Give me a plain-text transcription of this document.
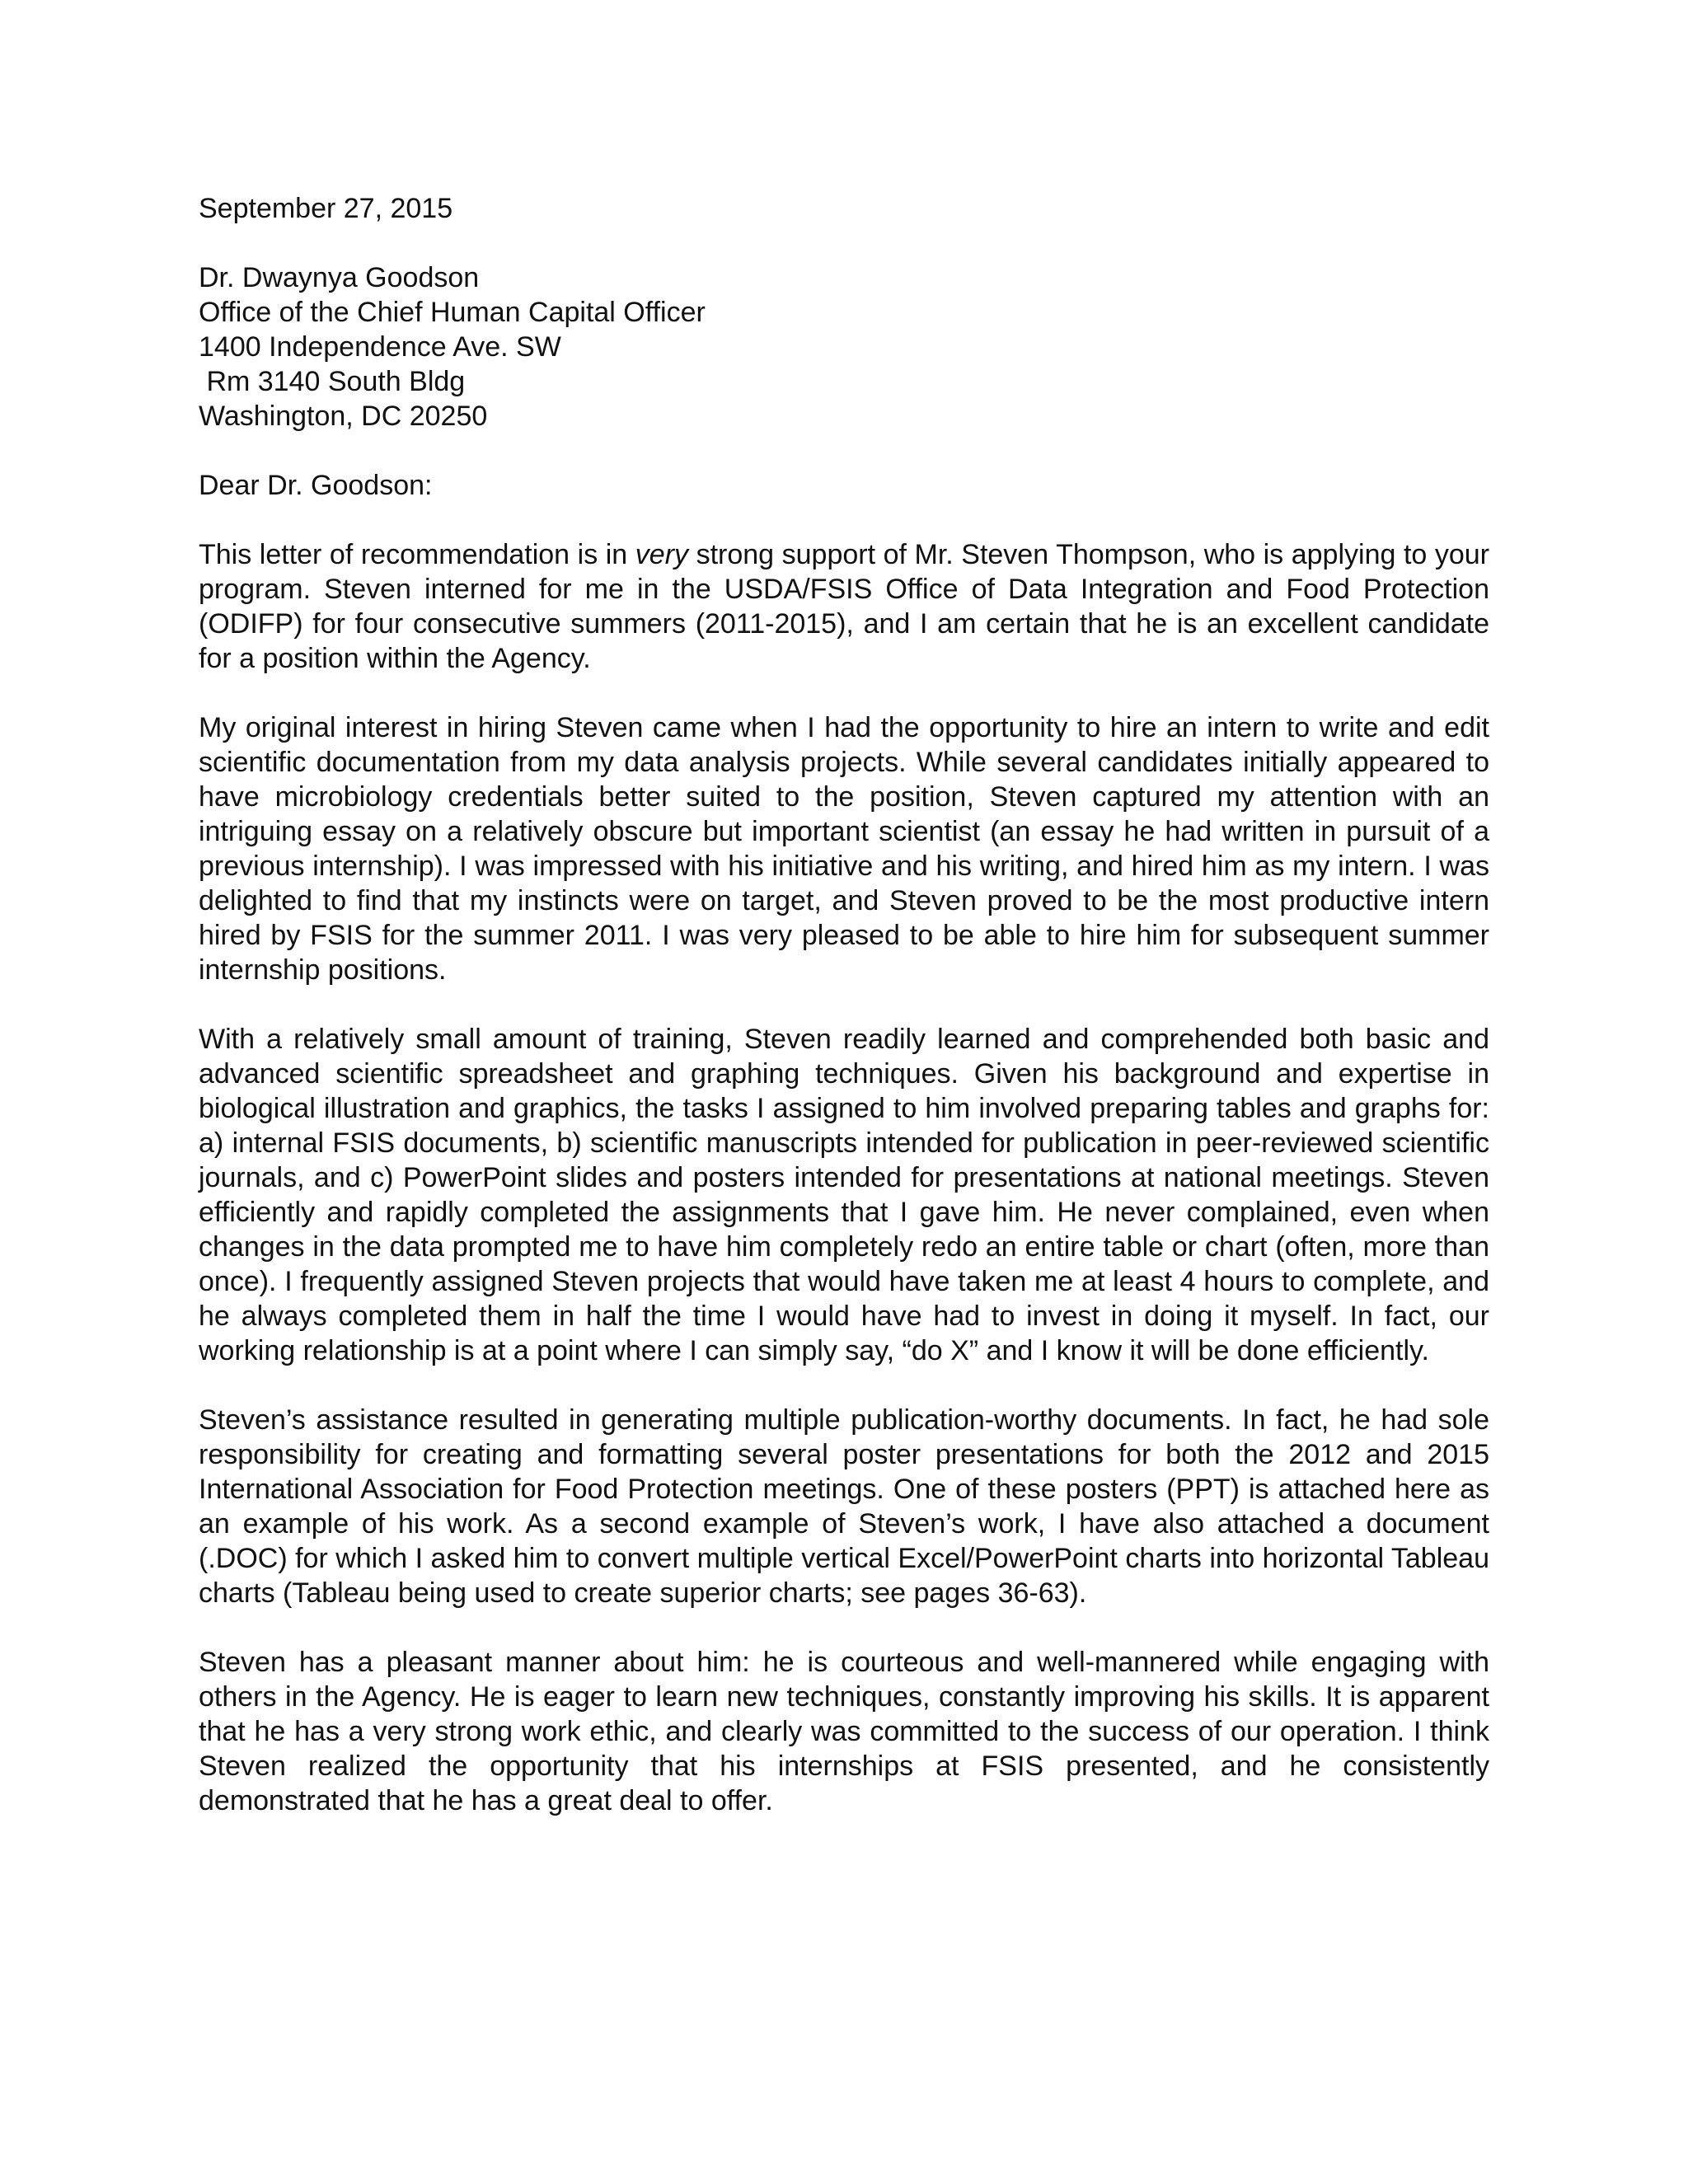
September 27, 2015
Dr. Dwaynya Goodson
Office of the Chief Human Capital Officer
1400 Independence Ave. SW
Rm 3140 South Bldg
Washington, DC 20250
Dear Dr. Goodson:

This letter of recommendation is in very strong support of Mr. Steven Thompson, who is applying to your program. Steven interned for me in the USDA/FSIS Office of Data Integration and Food Protection (ODIFP) for four consecutive summers (2011-2015), and I am certain that he is an excellent candidate for a position within the Agency.

My original interest in hiring Steven came when I had the opportunity to hire an intern to write and edit scientific documentation from my data analysis projects. While several candidates initially appeared to have microbiology credentials better suited to the position, Steven captured my attention with an intriguing essay on a relatively obscure but important scientist (an essay he had written in pursuit of a previous internship). I was impressed with his initiative and his writing, and hired him as my intern. I was delighted to find that my instincts were on target, and Steven proved to be the most productive intern hired by FSIS for the summer 2011. I was very pleased to be able to hire him for subsequent summer internship positions.

With a relatively small amount of training, Steven readily learned and comprehended both basic and advanced scientific spreadsheet and graphing techniques. Given his background and expertise in biological illustration and graphics, the tasks I assigned to him involved preparing tables and graphs for: a) internal FSIS documents, b) scientific manuscripts intended for publication in peer-reviewed scientific journals, and c) PowerPoint slides and posters intended for presentations at national meetings. Steven efficiently and rapidly completed the assignments that I gave him. He never complained, even when changes in the data prompted me to have him completely redo an entire table or chart (often, more than once). I frequently assigned Steven projects that would have taken me at least 4 hours to complete, and he always completed them in half the time I would have had to invest in doing it myself. In fact, our working relationship is at a point where I can simply say, “do X” and I know it will be done efficiently.

Steven’s assistance resulted in generating multiple publication-worthy documents. In fact, he had sole responsibility for creating and formatting several poster presentations for both the 2012 and 2015 International Association for Food Protection meetings. One of these posters (PPT) is attached here as an example of his work. As a second example of Steven’s work, I have also attached a document (.DOC) for which I asked him to convert multiple vertical Excel/PowerPoint charts into horizontal Tableau charts (Tableau being used to create superior charts; see pages 36-63).

Steven has a pleasant manner about him: he is courteous and well-mannered while engaging with others in the Agency. He is eager to learn new techniques, constantly improving his skills. It is apparent that he has a very strong work ethic, and clearly was committed to the success of our operation. I think Steven realized the opportunity that his internships at FSIS presented, and he consistently demonstrated that he has a great deal to offer.
